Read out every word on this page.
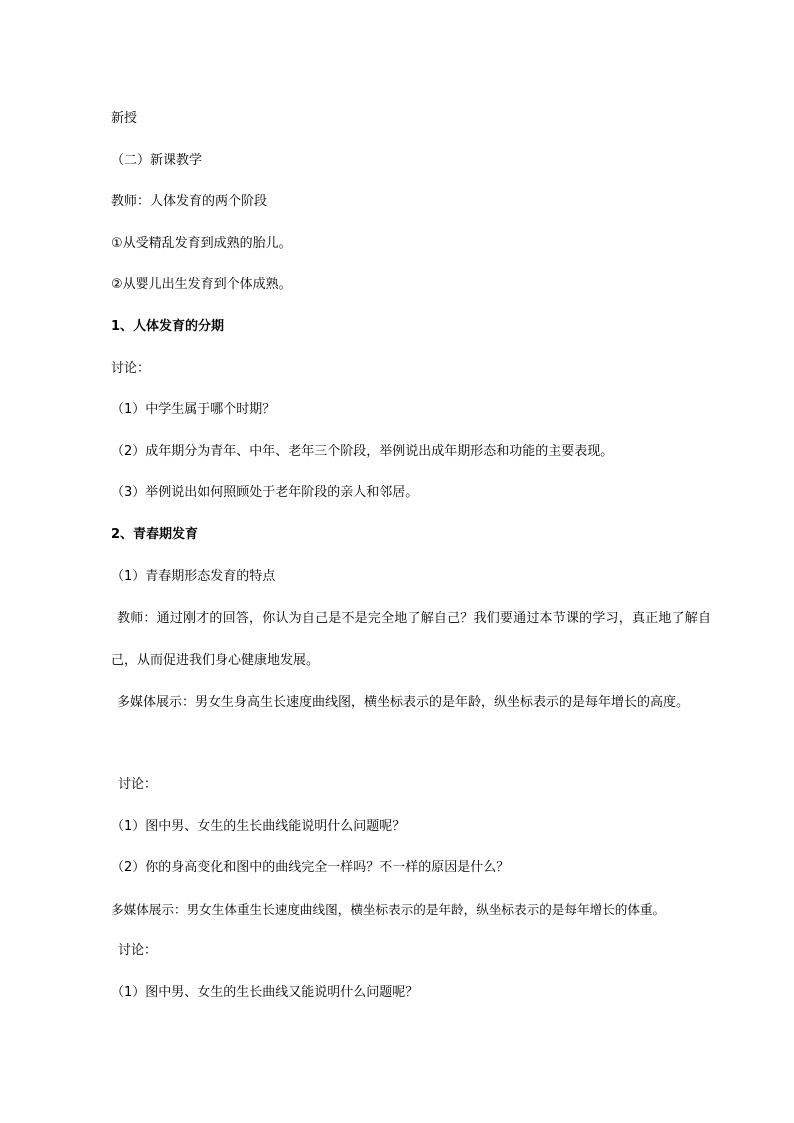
新授
（二）新课教学
教师：人体发育的两个阶段
①从受精乱发育到成熟的胎儿。
②从婴儿出生发育到个体成熟。
1、人体发育的分期
讨论：
（1）中学生属于哪个时期？
（2）成年期分为青年、中年、老年三个阶段，举例说出成年期形态和功能的主要表现。
（3）举例说出如何照顾处于老年阶段的亲人和邻居。
2、青春期发育
（1）青春期形态发育的特点
教师：通过刚才的回答，你认为自己是不是完全地了解自己？我们要通过本节课的学习，真正地了解自己，从而促进我们身心健康地发展。
多媒体展示：男女生身高生长速度曲线图，横坐标表示的是年龄，纵坐标表示的是每年增长的高度。
讨论：
（1）图中男、女生的生长曲线能说明什么问题呢？
（2）你的身高变化和图中的曲线完全一样吗？不一样的原因是什么？
多媒体展示：男女生体重生长速度曲线图，横坐标表示的是年龄，纵坐标表示的是每年增长的体重。
讨论：
（1）图中男、女生的生长曲线又能说明什么问题呢？
